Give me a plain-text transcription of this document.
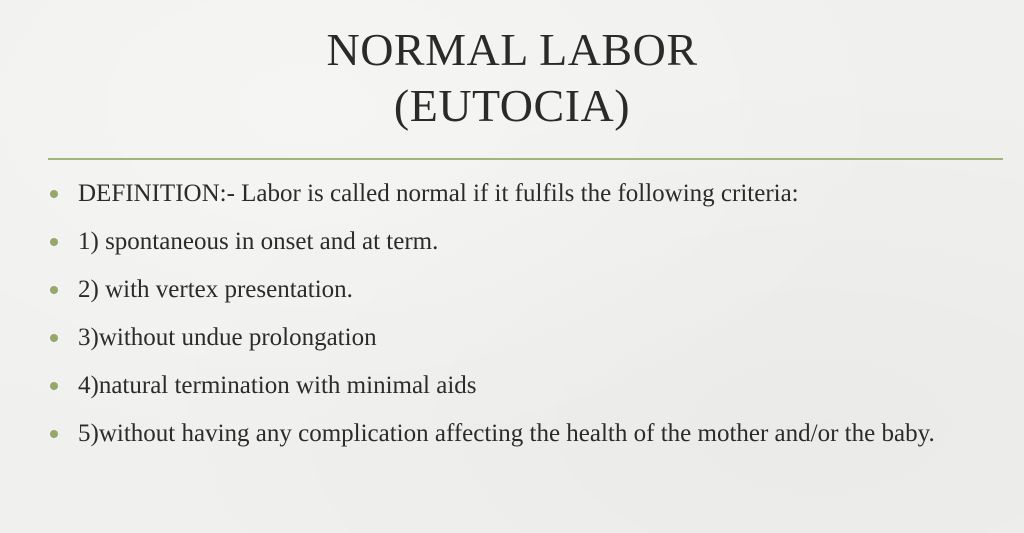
NORMAL LABOR
(EUTOCIA)
DEFINITION:- Labor is called normal if it fulfils the following criteria:
1) spontaneous in onset and at term.
2) with vertex presentation.
3)without undue prolongation
4)natural termination with minimal aids
5)without having any complication affecting the health of the mother and/or the baby.
